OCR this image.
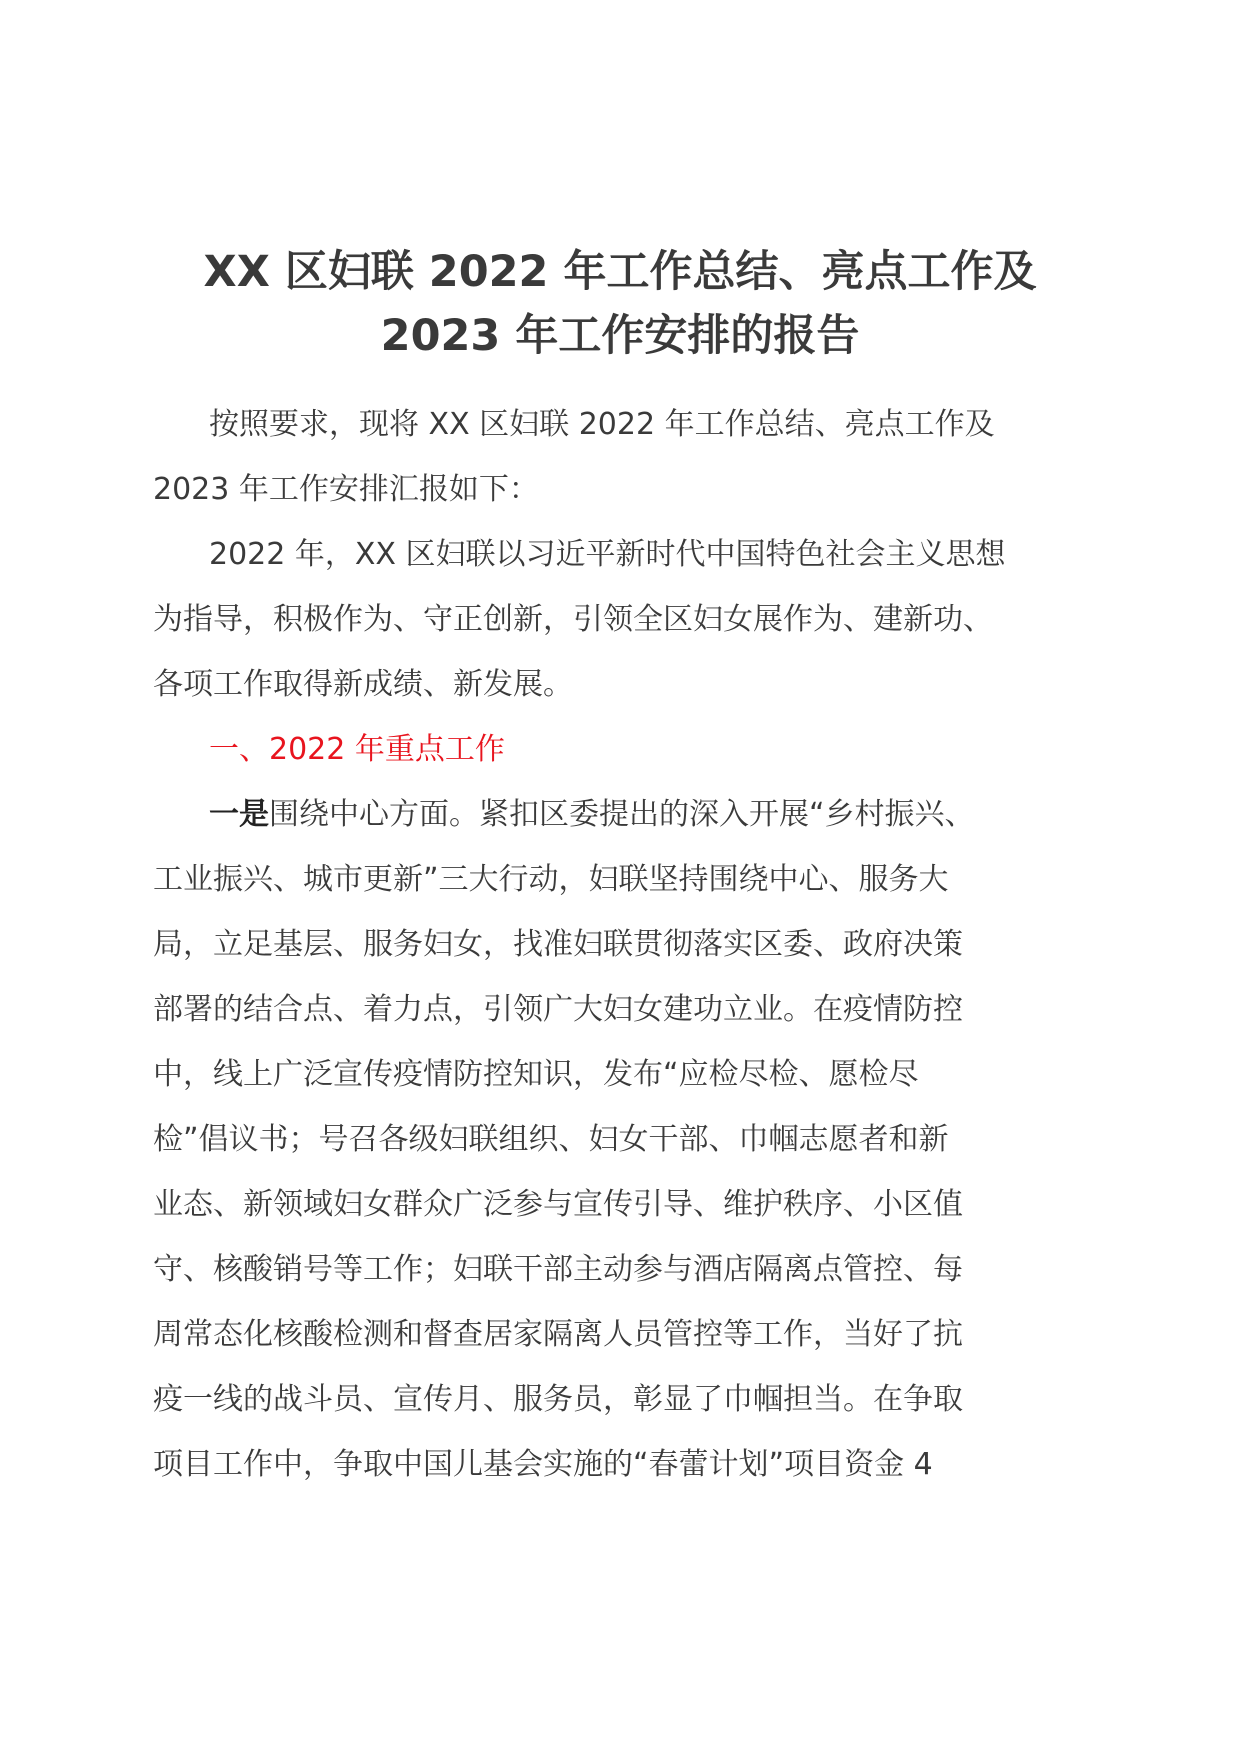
XX 区妇联 2022 年工作总结、亮点工作及
2023 年工作安排的报告
按照要求，现将 XX 区妇联 2022 年工作总结、亮点工作及
2023 年工作安排汇报如下：
2022 年，XX 区妇联以习近平新时代中国特色社会主义思想
为指导，积极作为、守正创新，引领全区妇女展作为、建新功、
各项工作取得新成绩、新发展。
一、2022 年重点工作
一是围绕中心方面。紧扣区委提出的深入开展“乡村振兴、
工业振兴、城市更新”三大行动，妇联坚持围绕中心、服务大
局，立足基层、服务妇女，找准妇联贯彻落实区委、政府决策
部署的结合点、着力点，引领广大妇女建功立业。在疫情防控
中，线上广泛宣传疫情防控知识，发布“应检尽检、愿检尽
检”倡议书；号召各级妇联组织、妇女干部、巾帼志愿者和新
业态、新领域妇女群众广泛参与宣传引导、维护秩序、小区值
守、核酸销号等工作；妇联干部主动参与酒店隔离点管控、每
周常态化核酸检测和督查居家隔离人员管控等工作，当好了抗
疫一线的战斗员、宣传月、服务员，彰显了巾帼担当。在争取
项目工作中，争取中国儿基会实施的“春蕾计划”项目资金 4
